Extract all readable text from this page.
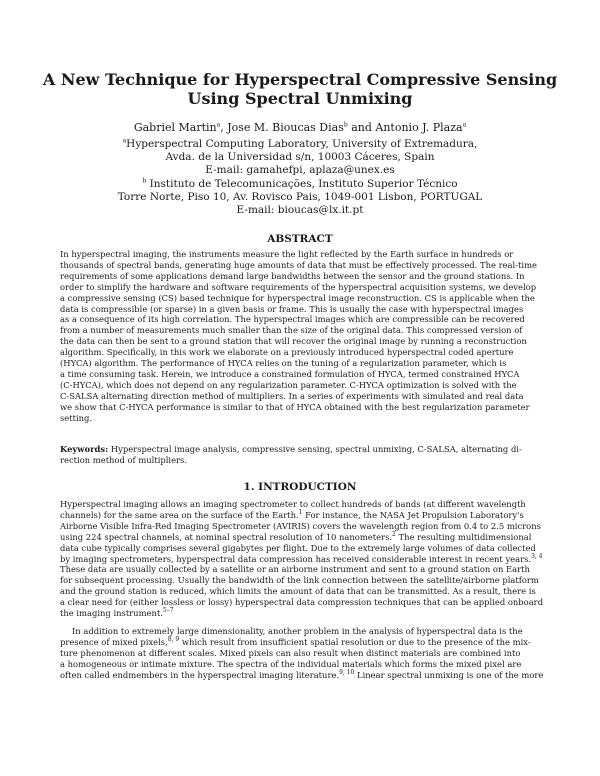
A New Technique for Hyperspectral Compressive Sensing
Using Spectral Unmixing
Gabriel Martin$^a$, Jose M. Bioucas Dias$^b$ and Antonio J. Plaza$^a$
$^a$Hyperspectral Computing Laboratory, University of Extremadura,
Avda. de la Universidad s/n, 10003 Cáceres, Spain
E-mail: gamahefpi, aplaza@unex.es
$^b$ Instituto de Telecomunicações, Instituto Superior Técnico
Torre Norte, Piso 10, Av. Rovisco Pais, 1049-001 Lisbon, PORTUGAL
E-mail: bioucas@lx.it.pt
ABSTRACT

In hyperspectral imaging, the instruments measure the light reflected by the Earth surface in hundreds or
thousands of spectral bands, generating huge amounts of data that must be effectively processed. The real-time
requirements of some applications demand large bandwidths between the sensor and the ground stations. In
order to simplify the hardware and software requirements of the hyperspectral acquisition systems, we develop
a compressive sensing (CS) based technique for hyperspectral image reconstruction. CS is applicable when the
data is compressible (or sparse) in a given basis or frame. This is usually the case with hyperspectral images
as a consequence of its high correlation. The hyperspectral images which are compressible can be recovered
from a number of measurements much smaller than the size of the original data. This compressed version of
the data can then be sent to a ground station that will recover the original image by running a reconstruction
algorithm. Specifically, in this work we elaborate on a previously introduced hyperspectral coded aperture
(HYCA) algorithm. The performance of HYCA relies on the tuning of a regularization parameter, which is
a time consuming task. Herein, we introduce a constrained formulation of HYCA, termed constrained HYCA
(C-HYCA), which does not depend on any regularization parameter. C-HYCA optimization is solved with the
C-SALSA alternating direction method of multipliers. In a series of experiments with simulated and real data
we show that C-HYCA performance is similar to that of HYCA obtained with the best regularization parameter
setting.

Keywords: Hyperspectral image analysis, compressive sensing, spectral unmixing, C-SALSA, alternating di-
rection method of multipliers.

1. INTRODUCTION

Hyperspectral imaging allows an imaging spectrometer to collect hundreds of bands (at different wavelength
channels) for the same area on the surface of the Earth.$^1$ For instance, the NASA Jet Propulsion Laboratory's
Airborne Visible Infra-Red Imaging Spectrometer (AVIRIS) covers the wavelength region from 0.4 to 2.5 microns
using 224 spectral channels, at nominal spectral resolution of 10 nanometers.$^2$ The resulting multidimensional
data cube typically comprises several gigabytes per flight. Due to the extremely large volumes of data collected
by imaging spectrometers, hyperspectral data compression has received considerable interest in recent years.$^{3, 4}$
These data are usually collected by a satellite or an airborne instrument and sent to a ground station on Earth
for subsequent processing. Usually the bandwidth of the link connection between the satellite/airborne platform
and the ground station is reduced, which limits the amount of data that can be transmitted. As a result, there is
a clear need for (either lossless or lossy) hyperspectral data compression techniques that can be applied onboard
the imaging instrument.$^{5-7}$

In addition to extremely large dimensionality, another problem in the analysis of hyperspectral data is the
presence of mixed pixels,$^{8, 9}$ which result from insufficient spatial resolution or due to the presence of the mix-
ture phenomenon at different scales. Mixed pixels can also result when distinct materials are combined into
a homogeneous or intimate mixture. The spectra of the individual materials which forms the mixed pixel are
often called endmembers in the hyperspectral imaging literature.$^{9, 10}$ Linear spectral unmixing is one of the more
